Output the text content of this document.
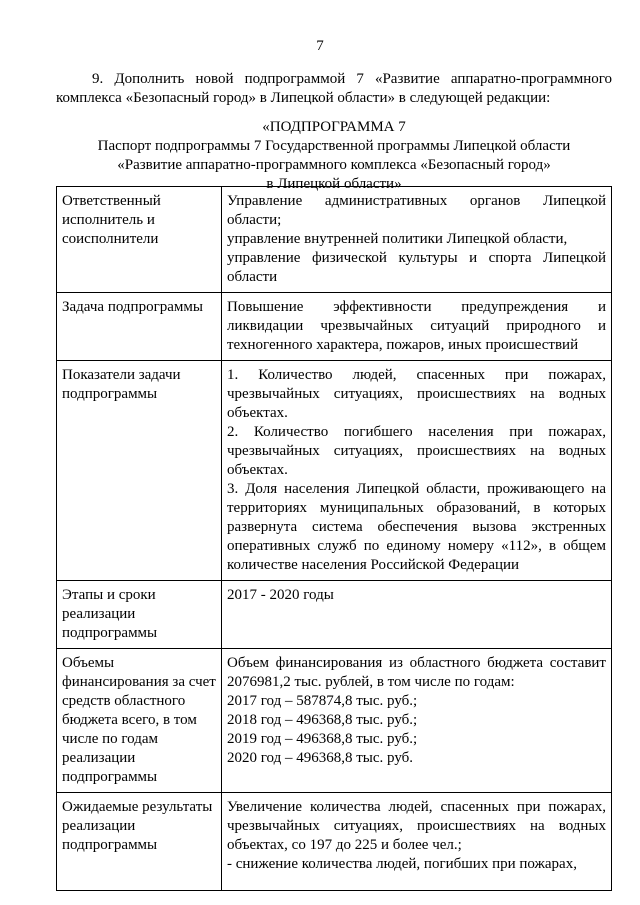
7
9. Дополнить новой подпрограммой 7 «Развитие аппаратно-программного комплекса «Безопасный город» в Липецкой области» в следующей редакции:
«ПОДПРОГРАММА 7
Паспорт подпрограммы 7 Государственной программы Липецкой области
«Развитие аппаратно-программного комплекса «Безопасный город»
в Липецкой области»
Ответственный исполнитель и соисполнители	Управление административных органов Липецкой области;
управление внутренней политики Липецкой области,
управление физической культуры и спорта Липецкой области

Задача подпрограммы	Повышение эффективности предупреждения и ликвидации чрезвычайных ситуаций природного и техногенного характера, пожаров, иных происшествий

Показатели задачи подпрограммы	1. Количество людей, спасенных при пожарах, чрезвычайных ситуациях, происшествиях на водных объектах.
2. Количество погибшего населения при пожарах, чрезвычайных ситуациях, происшествиях на водных объектах.
3. Доля населения Липецкой области, проживающего на территориях муниципальных образований, в которых развернута система обеспечения вызова экстренных оперативных служб по единому номеру «112», в общем количестве населения Российской Федерации

Этапы и сроки реализации подпрограммы	2017 - 2020 годы

Объемы финансирования за счет средств областного бюджета всего, в том числе по годам реализации подпрограммы	Объем финансирования из областного бюджета составит 2076981,2 тыс. рублей, в том числе по годам:
2017 год – 587874,8 тыс. руб.;
2018 год – 496368,8 тыс. руб.;
2019 год – 496368,8 тыс. руб.;
2020 год – 496368,8 тыс. руб.

Ожидаемые результаты реализации подпрограммы	Увеличение количества людей, спасенных при пожарах, чрезвычайных ситуациях, происшествиях на водных объектах, со 197 до 225 и более чел.;
- снижение количества людей, погибших при пожарах,
